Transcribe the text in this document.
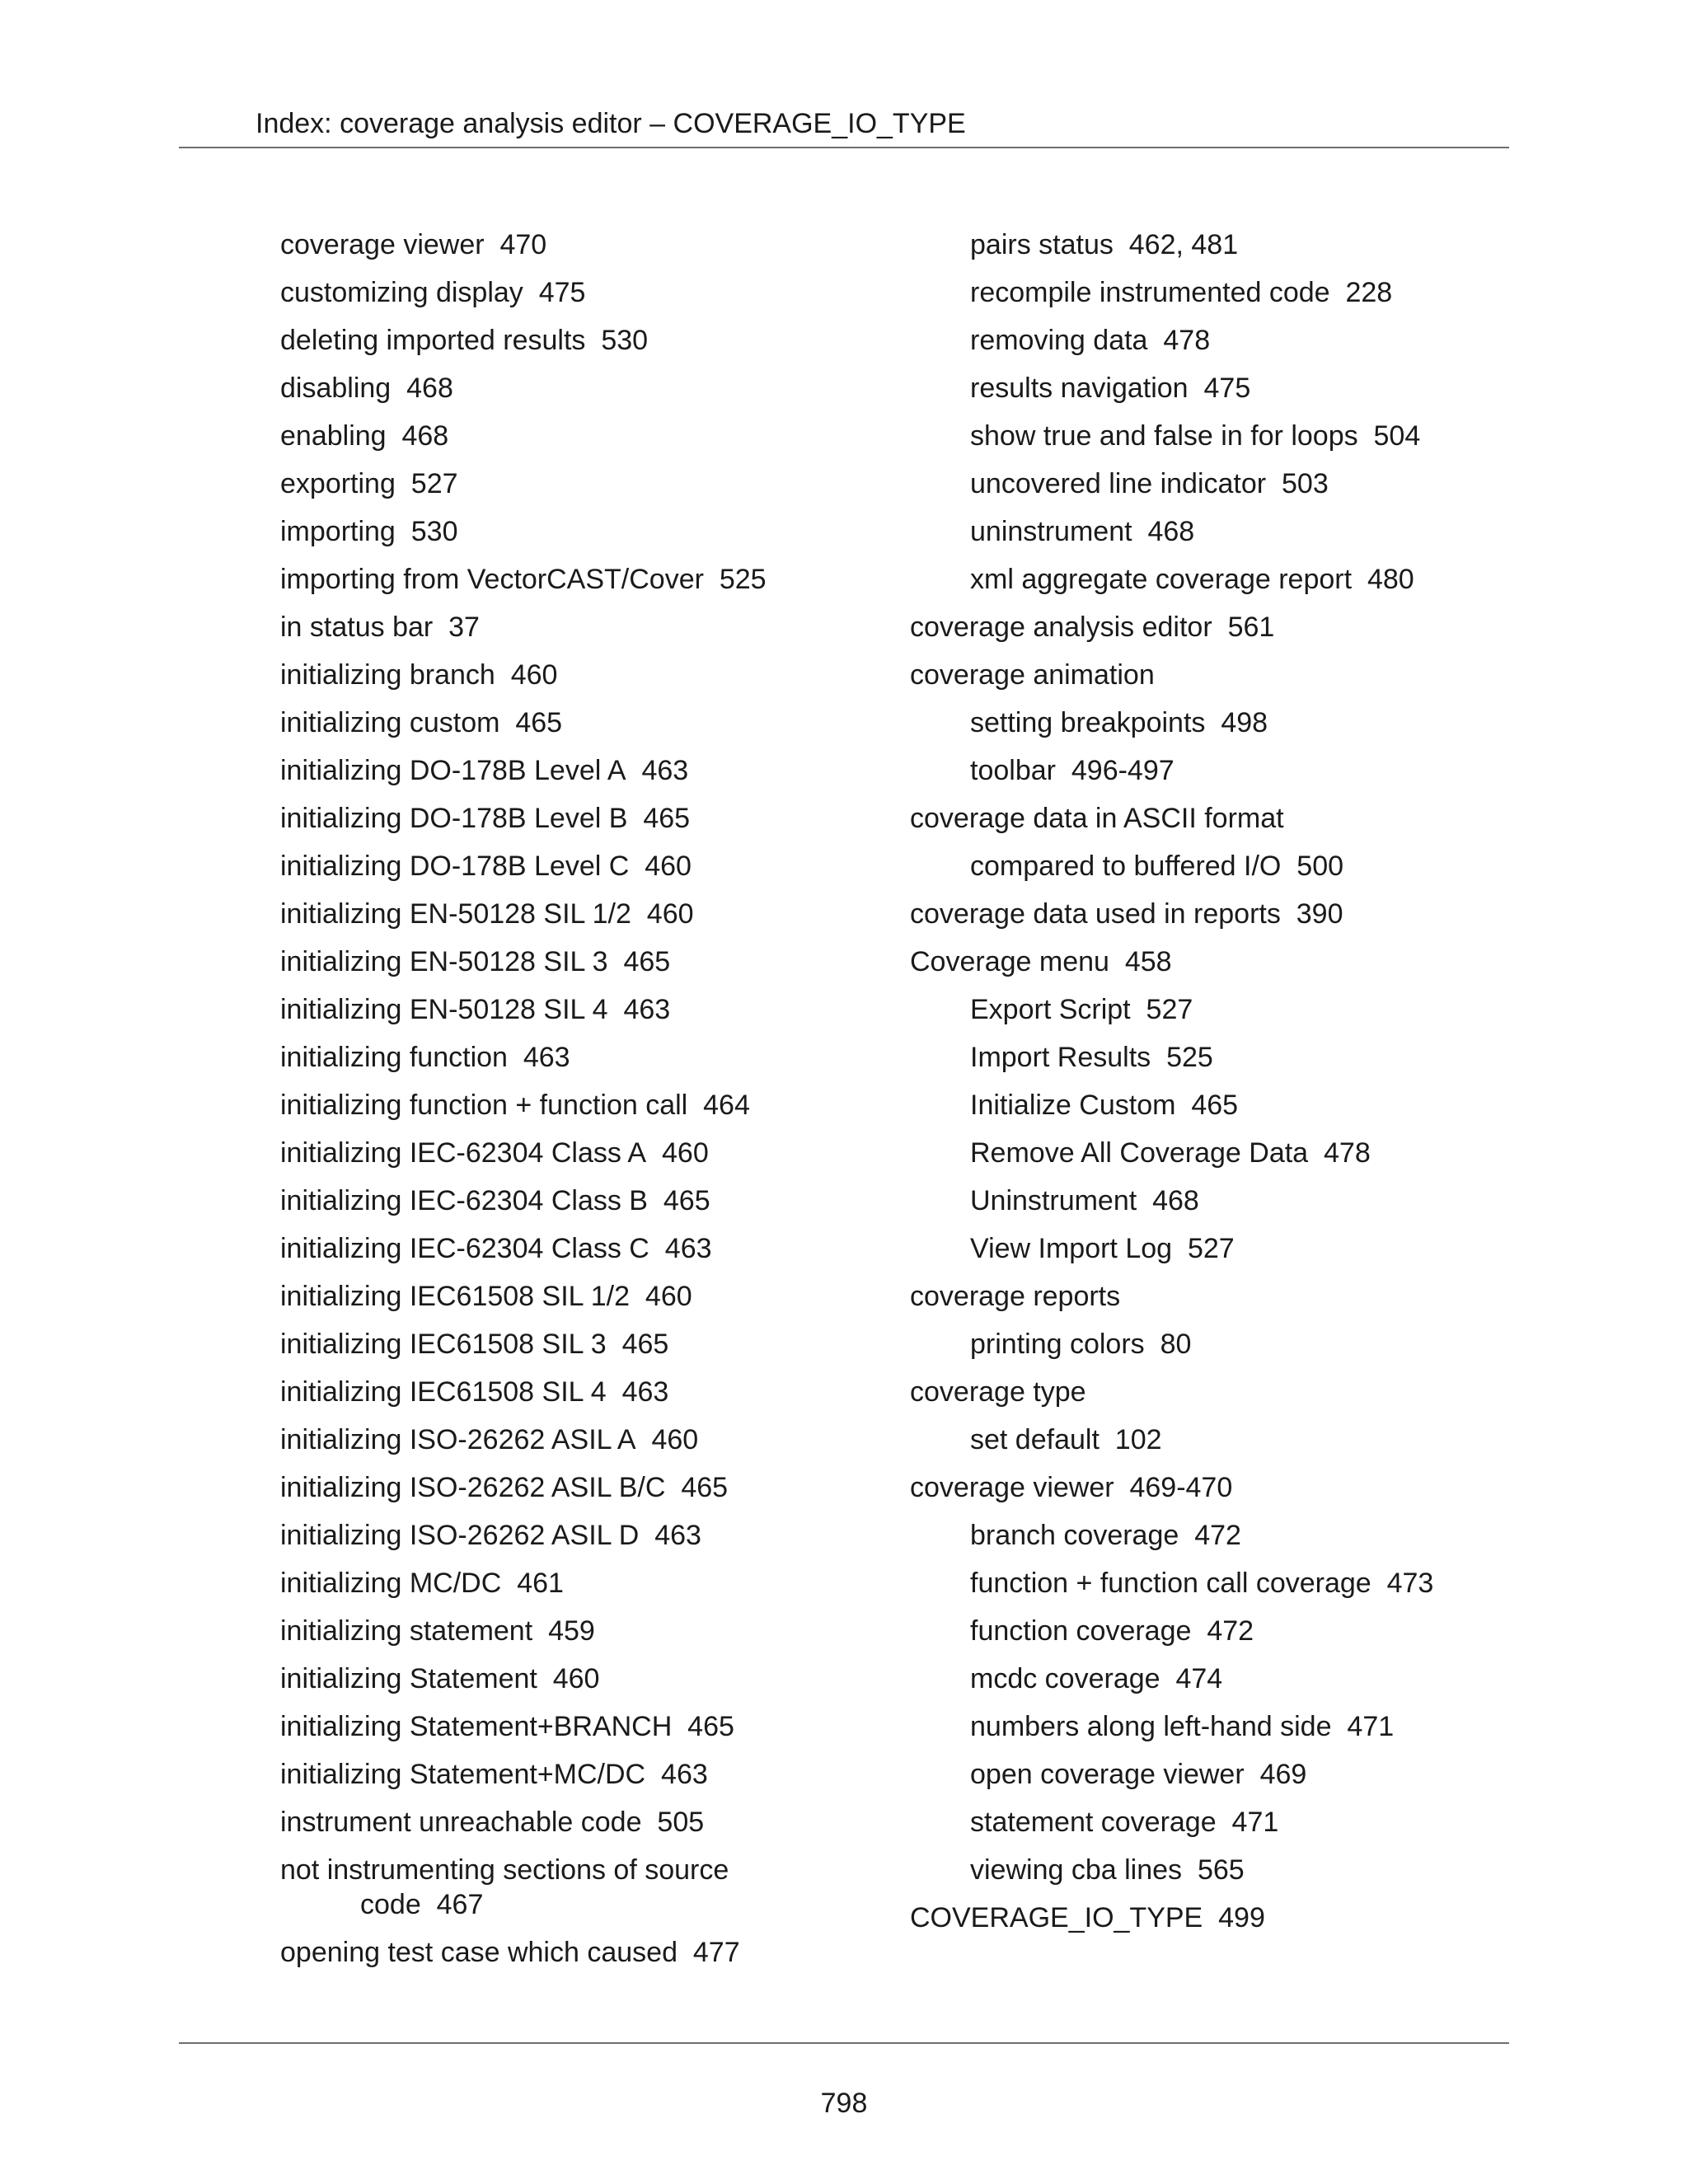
Index: coverage analysis editor – COVERAGE_IO_TYPE
coverage viewer 470
customizing display 475
deleting imported results 530
disabling 468
enabling 468
exporting 527
importing 530
importing from VectorCAST/Cover 525
in status bar 37
initializing branch 460
initializing custom 465
initializing DO-178B Level A 463
initializing DO-178B Level B 465
initializing DO-178B Level C 460
initializing EN-50128 SIL 1/2 460
initializing EN-50128 SIL 3 465
initializing EN-50128 SIL 4 463
initializing function 463
initializing function + function call 464
initializing IEC-62304 Class A 460
initializing IEC-62304 Class B 465
initializing IEC-62304 Class C 463
initializing IEC61508 SIL 1/2 460
initializing IEC61508 SIL 3 465
initializing IEC61508 SIL 4 463
initializing ISO-26262 ASIL A 460
initializing ISO-26262 ASIL B/C 465
initializing ISO-26262 ASIL D 463
initializing MC/DC 461
initializing statement 459
initializing Statement 460
initializing Statement+BRANCH 465
initializing Statement+MC/DC 463
instrument unreachable code 505
not instrumenting sections of source
code 467
opening test case which caused 477
pairs status 462, 481
recompile instrumented code 228
removing data 478
results navigation 475
show true and false in for loops 504
uncovered line indicator 503
uninstrument 468
xml aggregate coverage report 480
coverage analysis editor 561
coverage animation
setting breakpoints 498
toolbar 496-497
coverage data in ASCII format
compared to buffered I/O 500
coverage data used in reports 390
Coverage menu 458
Export Script 527
Import Results 525
Initialize Custom 465
Remove All Coverage Data 478
Uninstrument 468
View Import Log 527
coverage reports
printing colors 80
coverage type
set default 102
coverage viewer 469-470
branch coverage 472
function + function call coverage 473
function coverage 472
mcdc coverage 474
numbers along left-hand side 471
open coverage viewer 469
statement coverage 471
viewing cba lines 565
COVERAGE_IO_TYPE 499
798
